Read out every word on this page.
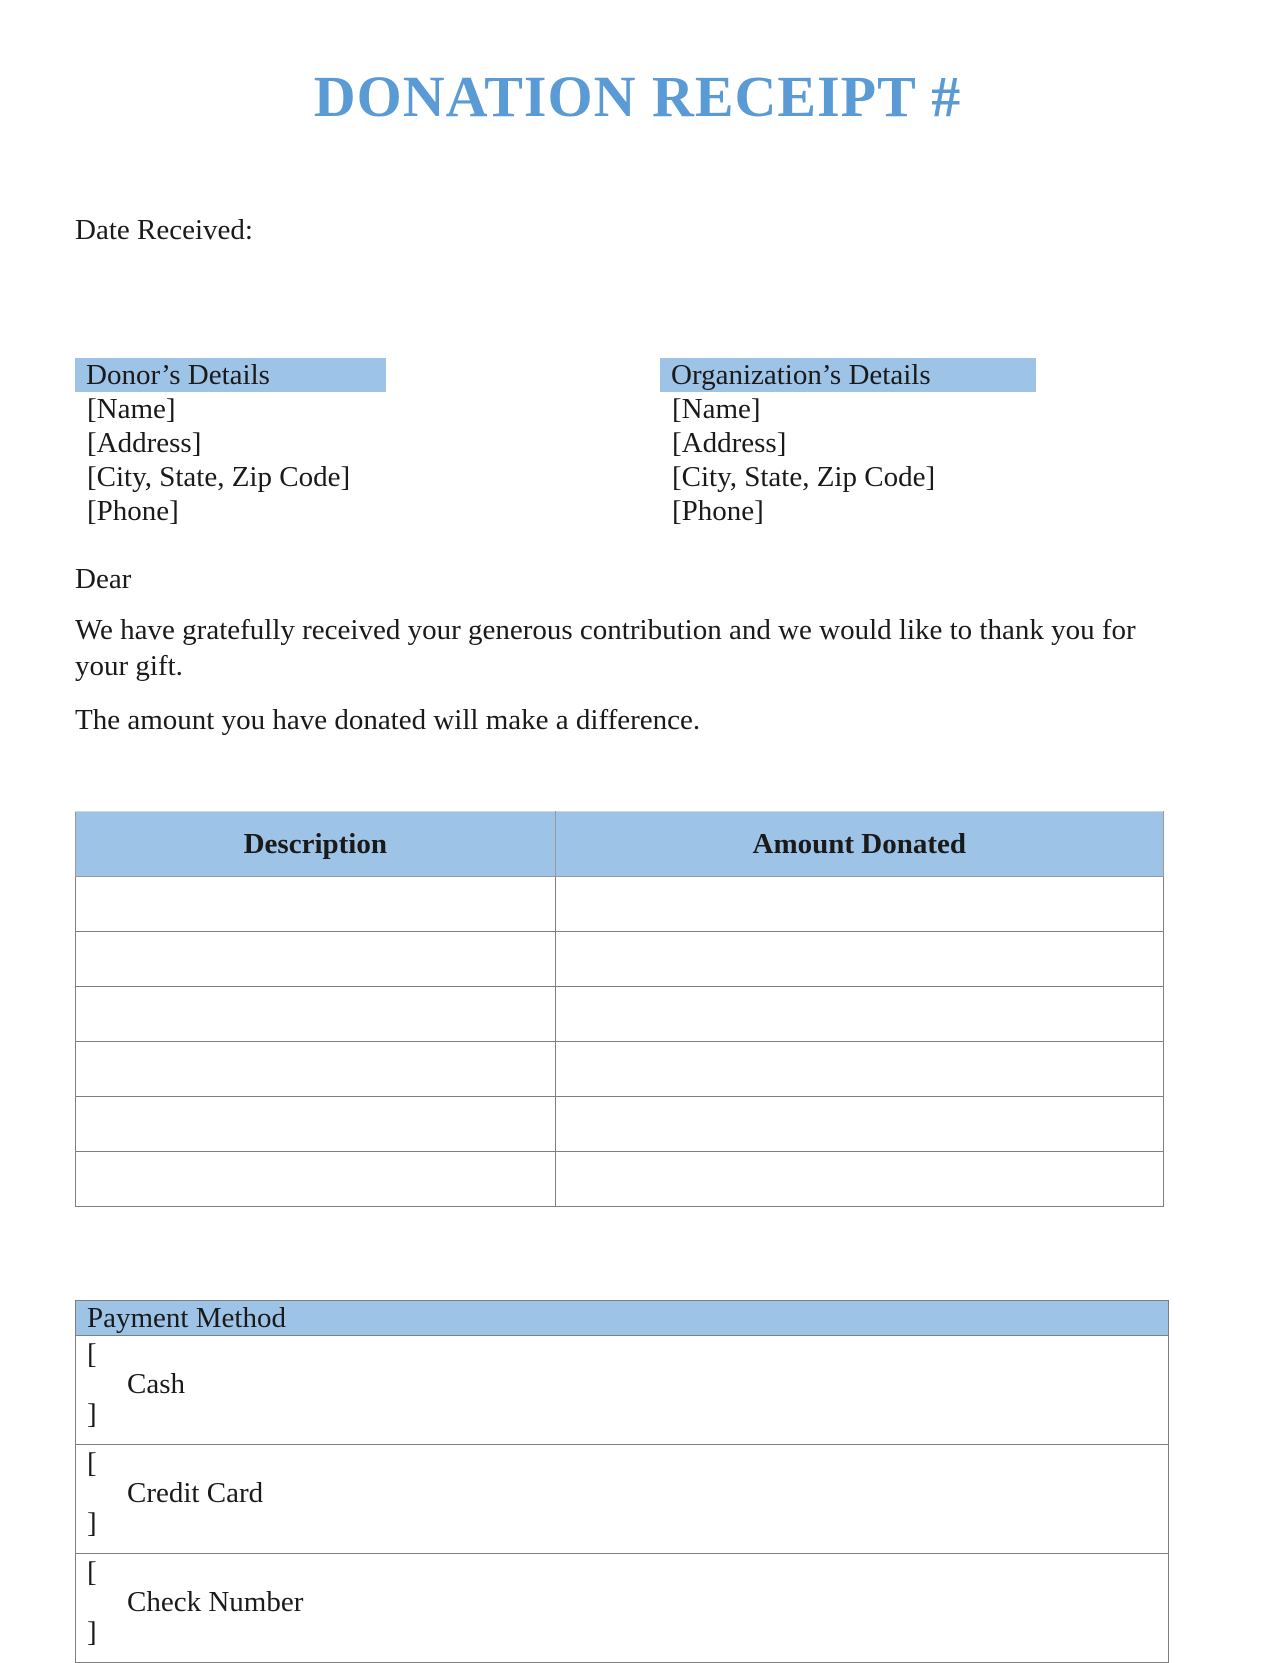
DONATION RECEIPT #
Date Received:
Donor’s Details
[Name]
[Address]
[City, State, Zip Code]
[Phone]
Organization’s Details
[Name]
[Address]
[City, State, Zip Code]
[Phone]
Dear
We have gratefully received your generous contribution and we would like to thank you for your gift.
The amount you have donated will make a difference.
Description	Amount Donated

Payment Method

[ ]
Cash

[ ]
Credit Card

[ ]
Check Number
